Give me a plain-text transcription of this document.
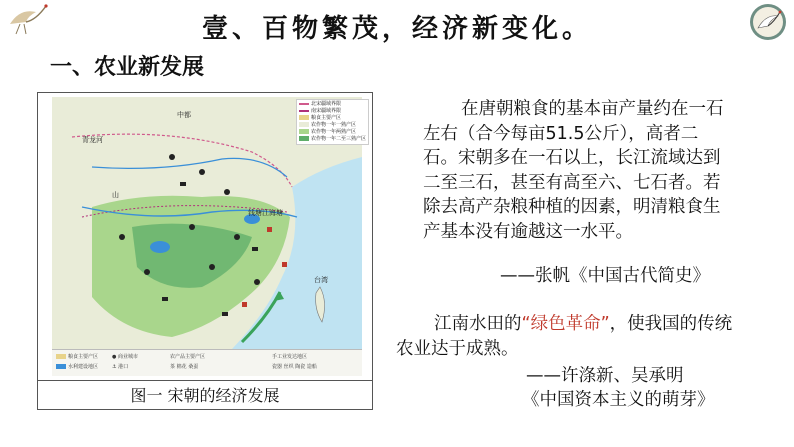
壹、百物繁茂，经济新变化。
一、农业新发展
中都
青龙河
山
钱塘江海塘
台湾
北宋疆域界限
南宋疆域界限
粮食主要产区
农作物一年一熟产区
农作物一年两熟产区
农作物一年二至三熟产区
粮食主要产区
水利建设地区
● 商业城市
⚓ 港口
农产品主要产区
茶 棉花 桑蚕
手工业发达地区
瓷器 丝织 陶瓷 造船
图一 宋朝的经济发展
在唐朝粮食的基本亩产量约在一石左右（合今每亩51.5公斤），高者二石。宋朝多在一石以上，长江流域达到二至三石，甚至有高至六、七石者。若除去高产杂粮种植的因素，明清粮食生产基本没有逾越这一水平。
——张帆《中国古代简史》
江南水田的“绿色革命”，使我国的传统农业达于成熟。
——许涤新、吴承明
《中国资本主义的萌芽》
